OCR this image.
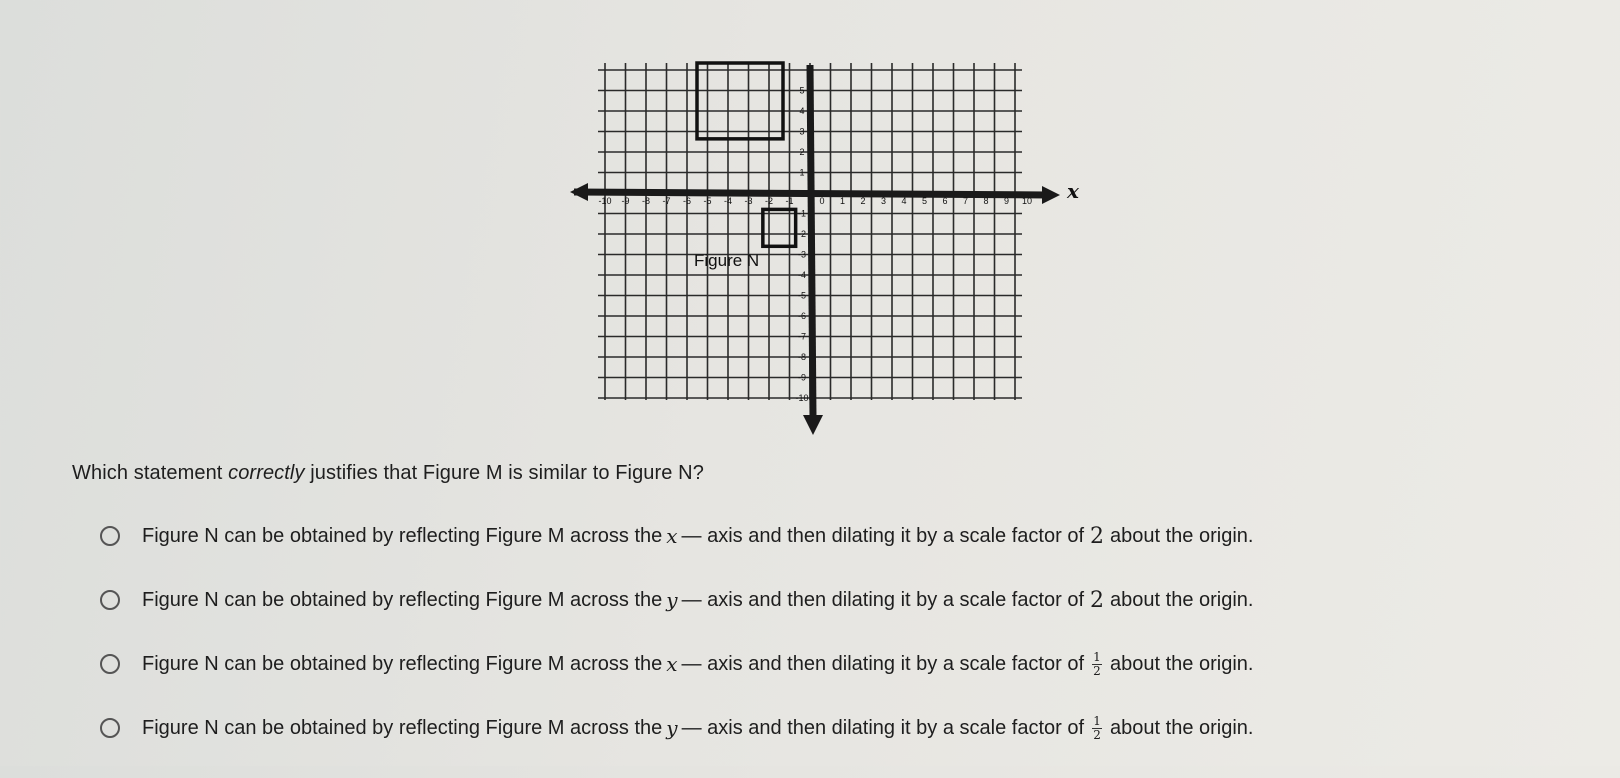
-10 -9 -8 -7 -6 -5 -4 -3 -2 -1	0 1 2 3 4 5 6 7 8 9 10
5
4
3
2
1
-1
-2
-3
-4
-5
-6
-7
-8
-9
-10
x
Figure N
Which statement correctly justifies that Figure M is similar to Figure N?
Figure N can be obtained by reflecting Figure M across the x —
axis and then dilating it by a scale factor of 2 about the origin.
Figure N can be obtained by reflecting Figure M across the y —
axis and then dilating it by a scale factor of 2 about the origin.
Figure N can be obtained by reflecting Figure M across the x —
axis and then dilating it by a scale factor of $\frac{1}{2}$ about the origin.
Figure N can be obtained by reflecting Figure M across the y —
axis and then dilating it by a scale factor of $\frac{1}{2}$ about the origin.
